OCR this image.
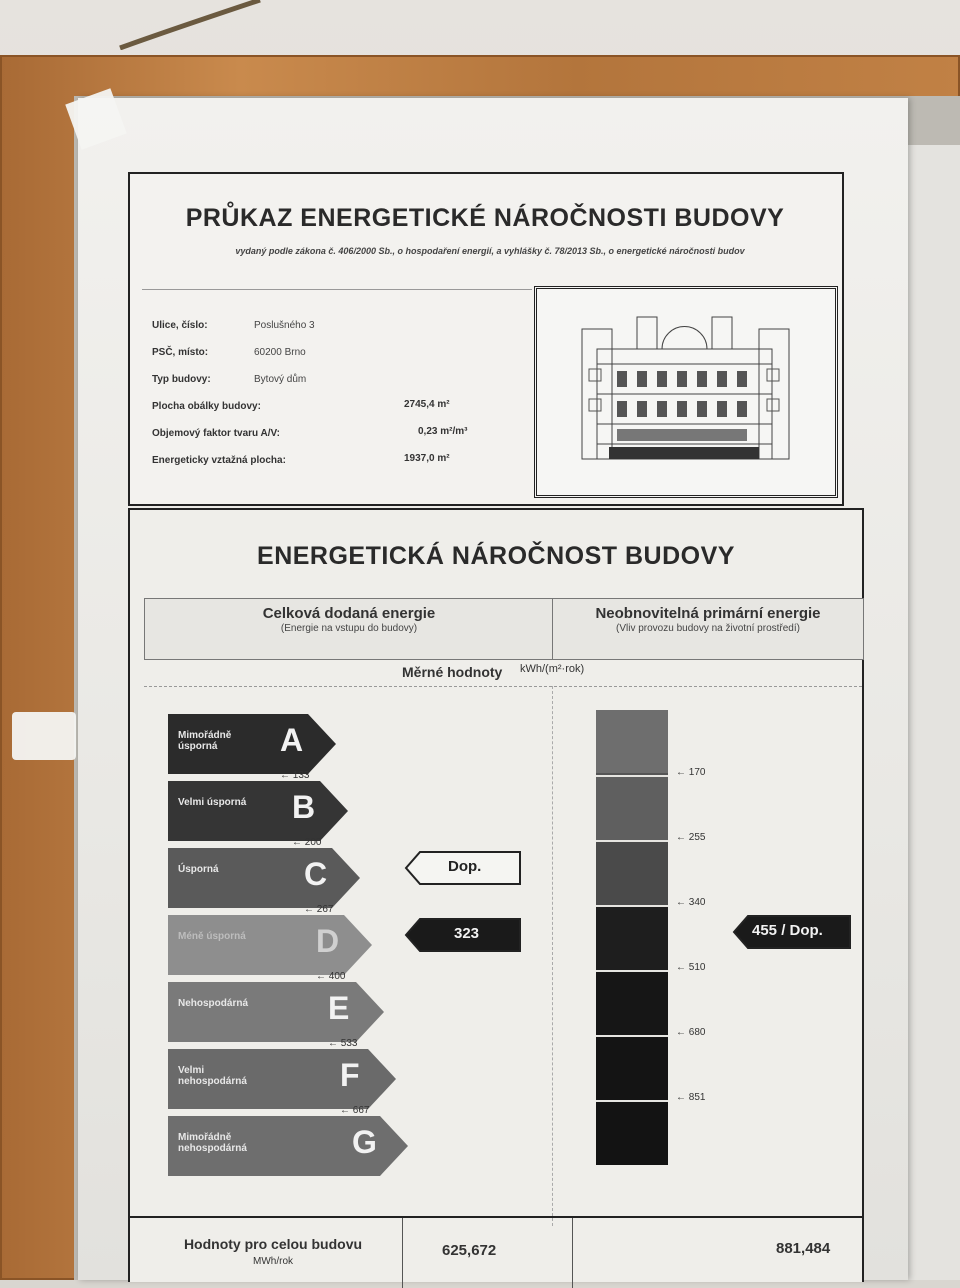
PRŮKAZ ENERGETICKÉ NÁROČNOSTI BUDOVY
vydaný podle zákona č. 406/2000 Sb., o hospodaření energií, a vyhlášky č. 78/2013 Sb., o energetické náročnosti budov
Ulice, číslo:	Poslušného 3
PSČ, místo:	60200 Brno
Typ budovy:	Bytový dům
Plocha obálky budovy:	2745,4 m²
Objemový faktor tvaru A/V:	0,23 m²/m³
Energeticky vztažná plocha:	1937,0 m²
ENERGETICKÁ NÁROČNOST BUDOVY
Celková dodaná energie
(Energie na vstupu do budovy)
Neobnovitelná primární energie
(Vliv provozu budovy na životní prostředí)
Měrné hodnoty kWh/(m²·rok)
Mimořádně úsporná	A
← 133
Velmi úsporná	B
← 200
Úsporná	C
← 267
Méně úsporná	D
← 400
Nehospodárná	E
← 533
Velmi nehospodárná	F
← 667
Mimořádně nehospodárná	G
← 170
← 255
← 340
← 510
← 680
← 851
Dop.
323	455 / Dop.
Hodnoty pro celou budovu
MWh/rok
625,672	881,484
